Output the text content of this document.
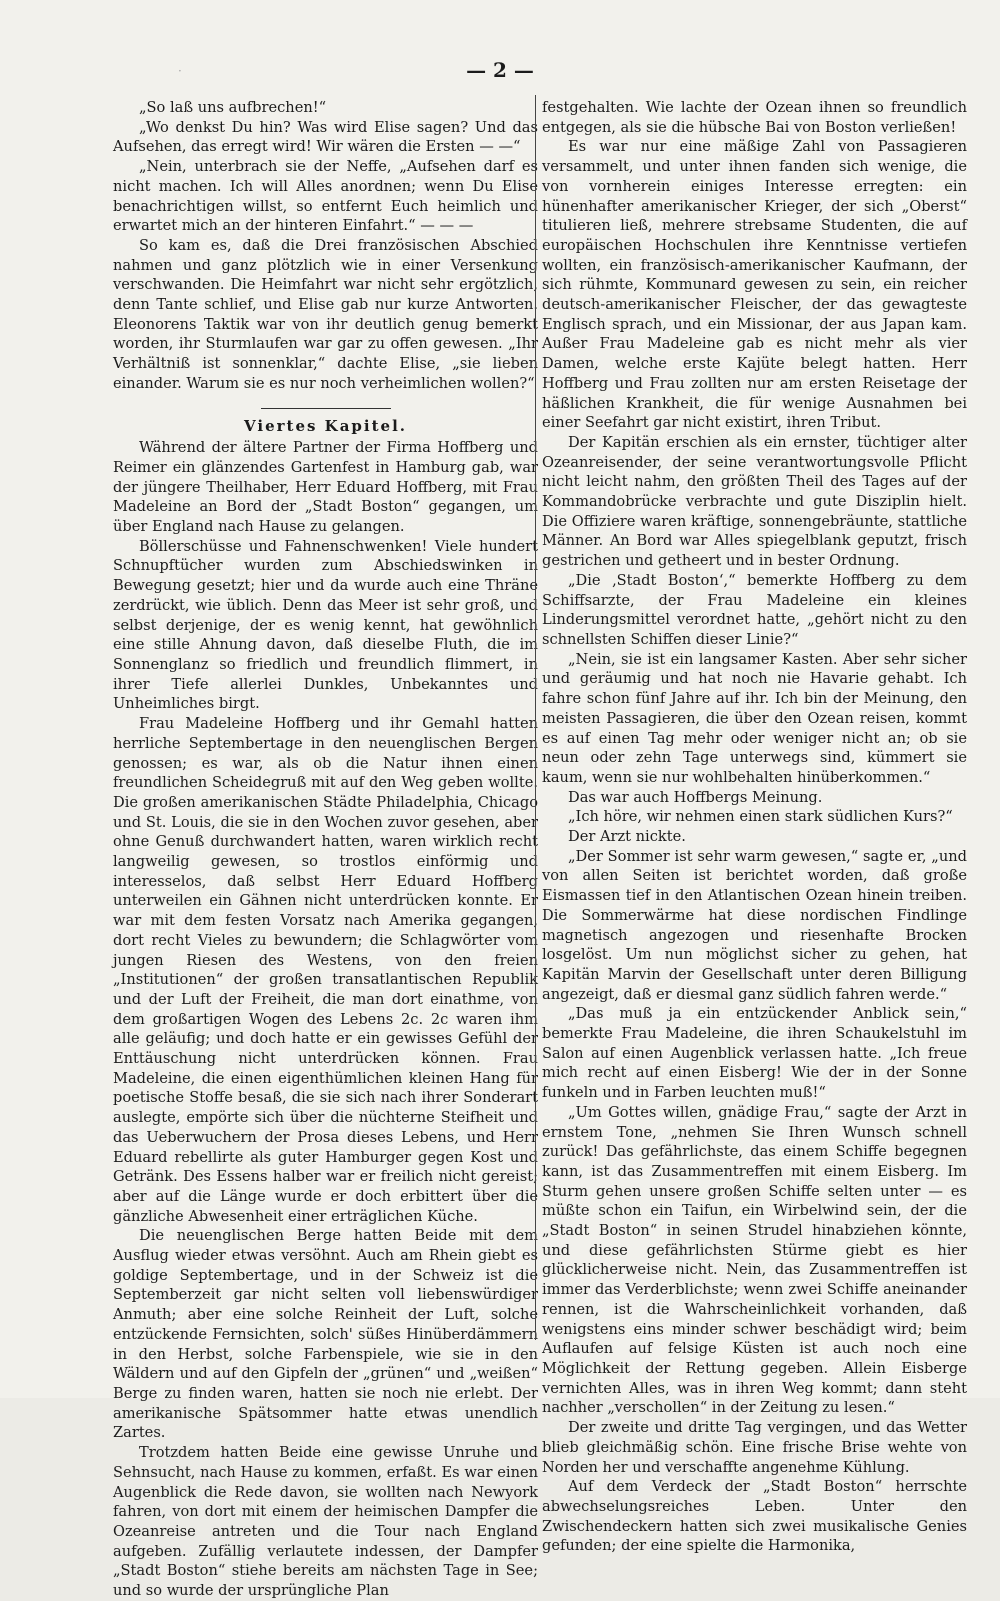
·	— 2 —

„So laß uns aufbrechen!“

„Wo denkst Du hin? Was wird Elise sagen? Und das Aufsehen, das erregt wird! Wir wären die Ersten — —“

„Nein, unterbrach sie der Neffe, „Aufsehen darf es nicht machen. Ich will Alles anordnen; wenn Du Elise benachrichtigen willst, so entfernt Euch heimlich und erwartet mich an der hinteren Einfahrt.“ — — —

So kam es, daß die Drei französischen Abschied nahmen und ganz plötzlich wie in einer Versenkung verschwanden. Die Heimfahrt war nicht sehr ergötzlich, denn Tante schlief, und Elise gab nur kurze Antworten. Eleonorens Taktik war von ihr deutlich genug bemerkt worden, ihr Sturmlaufen war gar zu offen gewesen. „Ihr Verhältniß ist sonnenklar,“ dachte Elise, „sie lieben einander. Warum sie es nur noch verheimlichen wollen?“

Viertes Kapitel.

Während der ältere Partner der Firma Hoffberg und Reimer ein glänzendes Gartenfest in Hamburg gab, war der jüngere Theilhaber, Herr Eduard Hoffberg, mit Frau Madeleine an Bord der „Stadt Boston“ gegangen, um über England nach Hause zu gelangen.

Böllerschüsse und Fahnenschwenken! Viele hundert Schnupftücher wurden zum Abschiedswinken in Bewegung gesetzt; hier und da wurde auch eine Thräne zerdrückt, wie üblich. Denn das Meer ist sehr groß, und selbst derjenige, der es wenig kennt, hat gewöhnlich eine stille Ahnung davon, daß dieselbe Fluth, die im Sonnenglanz so friedlich und freundlich flimmert, in ihrer Tiefe allerlei Dunkles, Unbekanntes und Unheimliches birgt.

Frau Madeleine Hoffberg und ihr Gemahl hatten herrliche Septembertage in den neuenglischen Bergen genossen; es war, als ob die Natur ihnen einen freundlichen Scheidegruß mit auf den Weg geben wollte. Die großen amerikanischen Städte Philadelphia, Chicago und St. Louis, die sie in den Wochen zuvor gesehen, aber ohne Genuß durchwandert hatten, waren wirklich recht langweilig gewesen, so trostlos einförmig und interesselos, daß selbst Herr Eduard Hoffberg unterweilen ein Gähnen nicht unterdrücken konnte. Er war mit dem festen Vorsatz nach Amerika gegangen, dort recht Vieles zu bewundern; die Schlagwörter vom jungen Riesen des Westens, von den freien „Institutionen“ der großen transatlantischen Republik und der Luft der Freiheit, die man dort einathme, von dem großartigen Wogen des Lebens 2c. 2c waren ihm alle geläufig; und doch hatte er ein gewisses Gefühl der Enttäuschung nicht unterdrücken können. Frau Madeleine, die einen eigenthümlichen kleinen Hang für poetische Stoffe besaß, die sie sich nach ihrer Sonderart auslegte, empörte sich über die nüchterne Steifheit und das Ueberwuchern der Prosa dieses Lebens, und Herr Eduard rebellirte als guter Hamburger gegen Kost und Getränk. Des Essens halber war er freilich nicht gereist; aber auf die Länge wurde er doch erbittert über die gänzliche Abwesenheit einer erträglichen Küche.

Die neuenglischen Berge hatten Beide mit dem Ausflug wieder etwas versöhnt. Auch am Rhein giebt es goldige Septembertage, und in der Schweiz ist die Septemberzeit gar nicht selten voll liebenswürdiger Anmuth; aber eine solche Reinheit der Luft, solche entzückende Fernsichten, solch' süßes Hinüberdämmern in den Herbst, solche Farbenspiele, wie sie in den Wäldern und auf den Gipfeln der „grünen“ und „weißen“ Berge zu finden waren, hatten sie noch nie erlebt. Der amerikanische Spätsommer hatte etwas unendlich Zartes.

Trotzdem hatten Beide eine gewisse Unruhe und Sehnsucht, nach Hause zu kommen, erfaßt. Es war einen Augenblick die Rede davon, sie wollten nach Newyork fahren, von dort mit einem der heimischen Dampfer die Ozeanreise antreten und die Tour nach England aufgeben. Zufällig verlautete indessen, der Dampfer „Stadt Boston“ stiehe bereits am nächsten Tage in See; und so wurde der ursprüngliche Plan

festgehalten. Wie lachte der Ozean ihnen so freundlich entgegen, als sie die hübsche Bai von Boston verließen!

Es war nur eine mäßige Zahl von Passagieren versammelt, und unter ihnen fanden sich wenige, die von vornherein einiges Interesse erregten: ein hünenhafter amerikanischer Krieger, der sich „Oberst“ titulieren ließ, mehrere strebsame Studenten, die auf europäischen Hochschulen ihre Kenntnisse vertiefen wollten, ein französisch-amerikanischer Kaufmann, der sich rühmte, Kommunard gewesen zu sein, ein reicher deutsch-amerikanischer Fleischer, der das gewagteste Englisch sprach, und ein Missionar, der aus Japan kam. Außer Frau Madeleine gab es nicht mehr als vier Damen, welche erste Kajüte belegt hatten. Herr Hoffberg und Frau zollten nur am ersten Reisetage der häßlichen Krankheit, die für wenige Ausnahmen bei einer Seefahrt gar nicht existirt, ihren Tribut.

Der Kapitän erschien als ein ernster, tüchtiger alter Ozeanreisender, der seine verantwortungsvolle Pflicht nicht leicht nahm, den größten Theil des Tages auf der Kommandobrücke verbrachte und gute Disziplin hielt. Die Offiziere waren kräftige, sonnengebräunte, stattliche Männer. An Bord war Alles spiegelblank geputzt, frisch gestrichen und getheert und in bester Ordnung.

„Die ‚Stadt Boston‘,“ bemerkte Hoffberg zu dem Schiffsarzte, der Frau Madeleine ein kleines Linderungsmittel verordnet hatte, „gehört nicht zu den schnellsten Schiffen dieser Linie?“

„Nein, sie ist ein langsamer Kasten. Aber sehr sicher und geräumig und hat noch nie Havarie gehabt. Ich fahre schon fünf Jahre auf ihr. Ich bin der Meinung, den meisten Passagieren, die über den Ozean reisen, kommt es auf einen Tag mehr oder weniger nicht an; ob sie neun oder zehn Tage unterwegs sind, kümmert sie kaum, wenn sie nur wohlbehalten hinüberkommen.“

Das war auch Hoffbergs Meinung.

„Ich höre, wir nehmen einen stark südlichen Kurs?“

Der Arzt nickte.

„Der Sommer ist sehr warm gewesen,“ sagte er, „und von allen Seiten ist berichtet worden, daß große Eismassen tief in den Atlantischen Ozean hinein treiben. Die Sommerwärme hat diese nordischen Findlinge magnetisch angezogen und riesenhafte Brocken losgelöst. Um nun möglichst sicher zu gehen, hat Kapitän Marvin der Gesellschaft unter deren Billigung angezeigt, daß er diesmal ganz südlich fahren werde.“

„Das muß ja ein entzückender Anblick sein,“ bemerkte Frau Madeleine, die ihren Schaukelstuhl im Salon auf einen Augenblick verlassen hatte. „Ich freue mich recht auf einen Eisberg! Wie der in der Sonne funkeln und in Farben leuchten muß!“

„Um Gottes willen, gnädige Frau,“ sagte der Arzt in ernstem Tone, „nehmen Sie Ihren Wunsch schnell zurück! Das gefährlichste, das einem Schiffe begegnen kann, ist das Zusammentreffen mit einem Eisberg. Im Sturm gehen unsere großen Schiffe selten unter — es müßte schon ein Taifun, ein Wirbelwind sein, der die „Stadt Boston“ in seinen Strudel hinabziehen könnte, und diese gefährlichsten Stürme giebt es hier glücklicherweise nicht. Nein, das Zusammentreffen ist immer das Verderblichste; wenn zwei Schiffe aneinander rennen, ist die Wahrscheinlichkeit vorhanden, daß wenigstens eins minder schwer beschädigt wird; beim Auflaufen auf felsige Küsten ist auch noch eine Möglichkeit der Rettung gegeben. Allein Eisberge vernichten Alles, was in ihren Weg kommt; dann steht nachher „verschollen“ in der Zeitung zu lesen.“

Der zweite und dritte Tag vergingen, und das Wetter blieb gleichmäßig schön. Eine frische Brise wehte von Norden her und verschaffte angenehme Kühlung.

Auf dem Verdeck der „Stadt Boston“ herrschte abwechselungsreiches Leben. Unter den Zwischendeckern hatten sich zwei musikalische Genies gefunden; der eine spielte die Harmonika,
